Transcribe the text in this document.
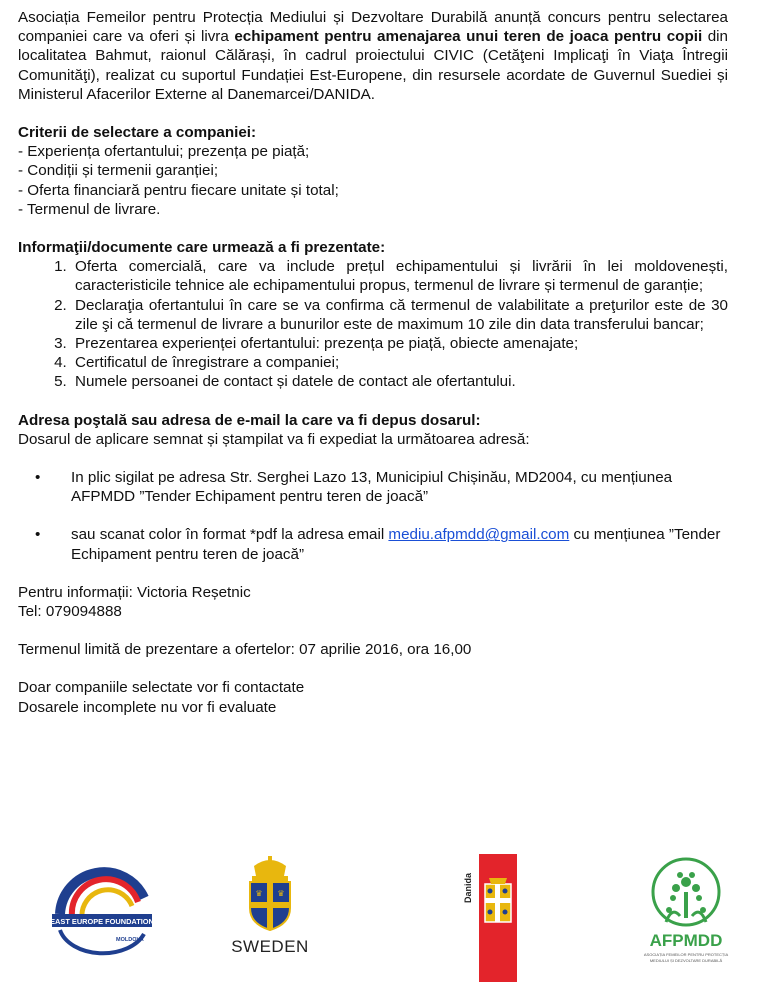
Asociația Femeilor pentru Protecția Mediului și Dezvoltare Durabilă anunță concurs pentru selectarea companiei care va oferi și livra echipament pentru amenajarea unui teren de joaca pentru copii din localitatea Bahmut, raionul Călărași, în cadrul proiectului CIVIC (Cetăţeni Implicaţi în Viaţa Întregii Comunităţi), realizat cu suportul Fundației Est-Europene, din resursele acordate de Guvernul Suediei și Ministerul Afacerilor Externe al Danemarcei/DANIDA.

Criterii de selectare a companiei:

- Experiența ofertantului; prezența pe piață;

- Condiții și termenii garanției;

- Oferta financiară pentru fiecare unitate și total;

- Termenul de livrare.

Informaţii/documente care urmează a fi prezentate:

1. Oferta comercială, care va include prețul echipamentului și livrării în lei moldovenești, caracteristicile tehnice ale echipamentului propus, termenul de livrare și termenul de garanție;
2. Declaraţia ofertantului în care se va confirma că termenul de valabilitate a preţurilor este de 30 zile şi că termenul de livrare a bunurilor este de maximum 10 zile din data transferului bancar;
3. Prezentarea experienței ofertantului: prezența pe piață, obiecte amenajate;
4. Certificatul de înregistrare a companiei;
5. Numele persoanei de contact și datele de contact ale ofertantului.

Adresa poştală sau adresa de e-mail la care va fi depus dosarul:

Dosarul de aplicare semnat și ștampilat va fi expediat la următoarea adresă:

• In plic sigilat pe adresa Str. Serghei Lazo 13, Municipiul Chișinău, MD2004, cu mențiunea AFPMDD ”Tender Echipament pentru teren de joacă”
• sau scanat color în format *pdf la adresa email mediu.afpmdd@gmail.com cu mențiunea ”Tender Echipament pentru teren de joacă”

Pentru informații: Victoria Reșetnic

Tel: 079094888

Termenul limită de prezentare a ofertelor: 07 aprilie 2016, ora 16,00

Doar companiile selectate vor fi contactate

Dosarele incomplete nu vor fi evaluate

EAST EUROPE FOUNDATION
MOLDOVA
♛ ♛
SWEDEN
Danida
AFPMDD
ASOCIAȚIA FEMEILOR PENTRU PROTECȚIA
MEDIULUI ȘI DEZVOLTARE DURABILĂ
